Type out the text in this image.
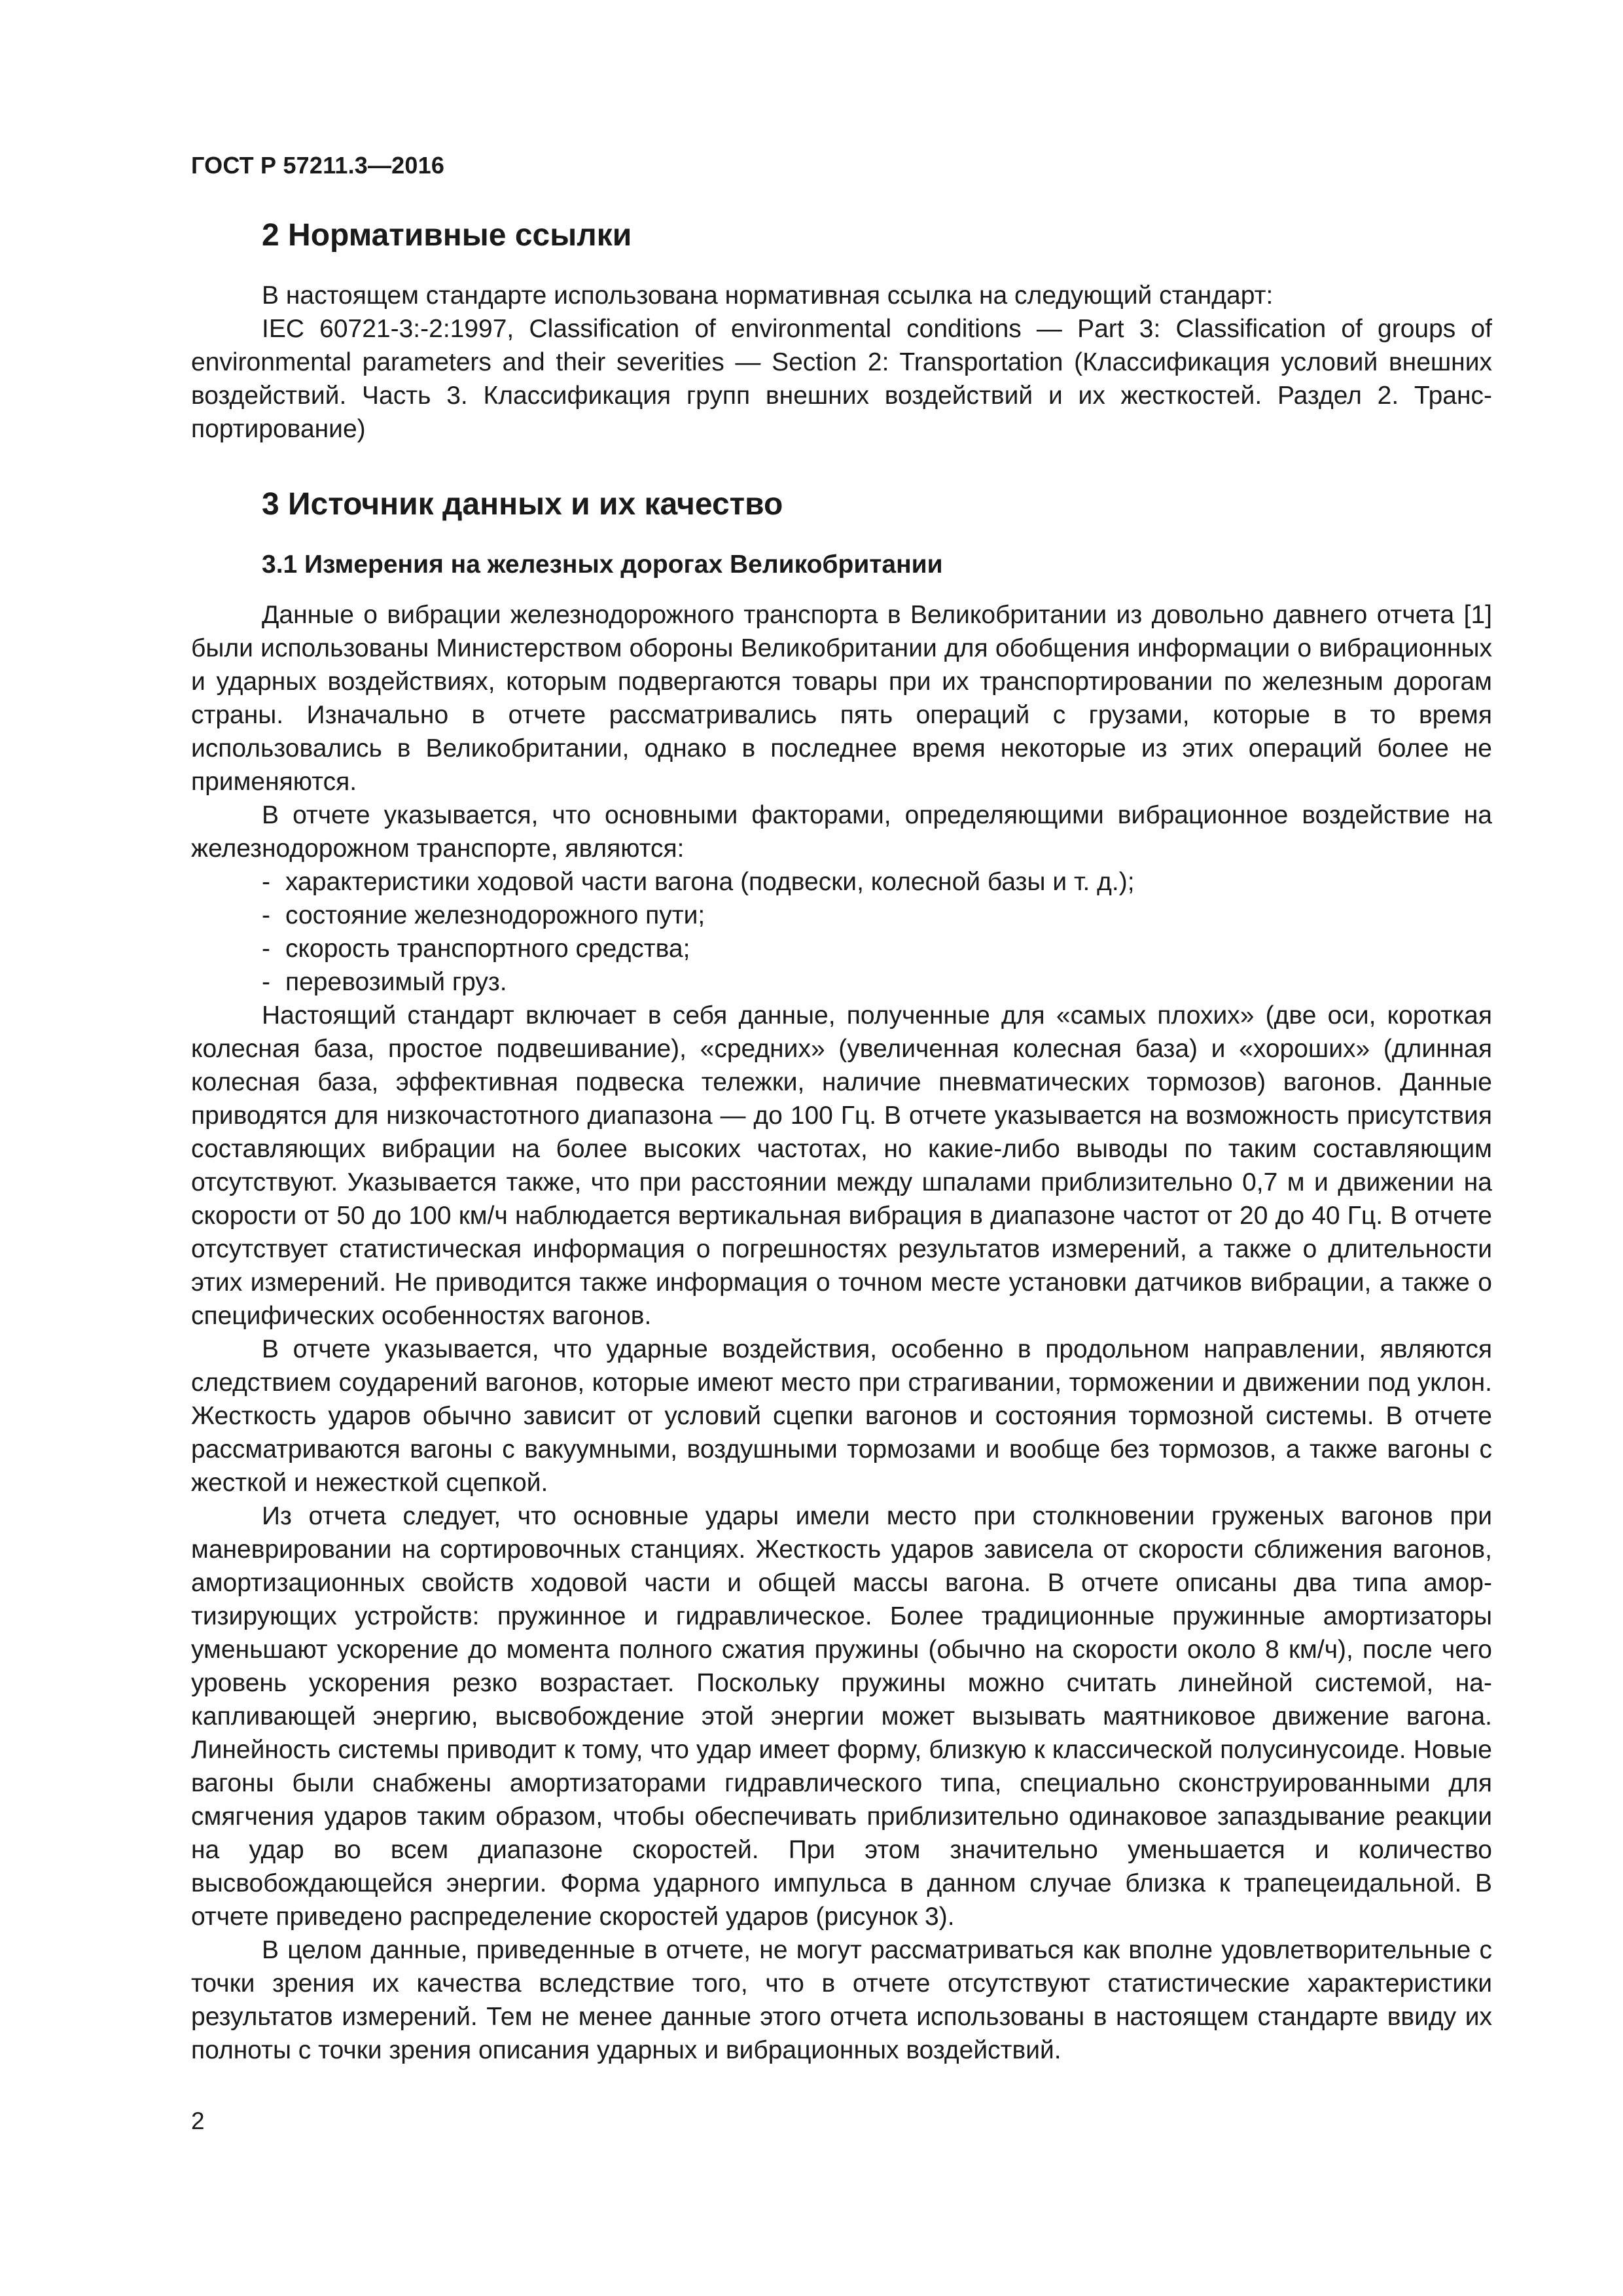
ГОСТ Р 57211.3—2016
2 Нормативные ссылки

В настоящем стандарте использована нормативная ссылка на следующий стандарт:

IEC 60721-3:-2:1997, Classification of environmental conditions — Part 3: Classification of groups of environmental parameters and their severities — Section 2: Transportation (Классификация условий внешних воздействий. Часть 3. Классификация групп внешних воздействий и их жесткостей. Раздел 2. Транспортирование)

3 Источник данных и их качество
3.1 Измерения на железных дорогах Великобритании

Данные о вибрации железнодорожного транспорта в Великобритании из довольно давнего отчета [1] были использованы Министерством обороны Великобритании для обобщения информации о вибрационных и ударных воздействиях, которым подвергаются товары при их транспортировании по железным дорогам страны. Изначально в отчете рассматривались пять операций с грузами, которые в то время использовались в Великобритании, однако в последнее время некоторые из этих операций более не применяются.

В отчете указывается, что основными факторами, определяющими вибрационное воздействие на железнодорожном транспорте, являются:

- характеристики ходовой части вагона (подвески, колесной базы и т. д.);
- состояние железнодорожного пути;
- скорость транспортного средства;
- перевозимый груз.

Настоящий стандарт включает в себя данные, полученные для «самых плохих» (две оси, короткая колесная база, простое подвешивание), «средних» (увеличенная колесная база) и «хороших» (длинная колесная база, эффективная подвеска тележки, наличие пневматических тормозов) вагонов. Данные приводятся для низкочастотного диапазона — до 100 Гц. В отчете указывается на возможность присутствия составляющих вибрации на более высоких частотах, но какие-либо выводы по таким составляющим отсутствуют. Указывается также, что при расстоянии между шпалами приблизительно 0,7 м и движении на скорости от 50 до 100 км/ч наблюдается вертикальная вибрация в диапазоне частот от 20 до 40 Гц. В отчете отсутствует статистическая информация о погрешностях результатов измерений, а также о длительности этих измерений. Не приводится также информация о точном месте установки датчиков вибрации, а также о специфических особенностях вагонов.

В отчете указывается, что ударные воздействия, особенно в продольном направлении, являются следствием соударений вагонов, которые имеют место при страгивании, торможении и движении под уклон. Жесткость ударов обычно зависит от условий сцепки вагонов и состояния тормозной системы. В отчете рассматриваются вагоны с вакуумными, воздушными тормозами и вообще без тормозов, а также вагоны с жесткой и нежесткой сцепкой.

Из отчета следует, что основные удары имели место при столкновении груженых вагонов при маневрировании на сортировочных станциях. Жесткость ударов зависела от скорости сближения вагонов, амортизационных свойств ходовой части и общей массы вагона. В отчете описаны два типа амортизирующих устройств: пружинное и гидравлическое. Более традиционные пружинные амортизаторы уменьшают ускорение до момента полного сжатия пружины (обычно на скорости около 8 км/ч), после чего уровень ускорения резко возрастает. Поскольку пружины можно считать линейной системой, накапливающей энергию, высвобождение этой энергии может вызывать маятниковое движение вагона. Линейность системы приводит к тому, что удар имеет форму, близкую к классической полусинусоиде. Новые вагоны были снабжены амортизаторами гидравлического типа, специально сконструированными для смягчения ударов таким образом, чтобы обеспечивать приблизительно одинаковое запаздывание реакции на удар во всем диапазоне скоростей. При этом значительно уменьшается и количество высвобождающейся энергии. Форма ударного импульса в данном случае близка к трапецеидальной. В отчете приведено распределение скоростей ударов (рисунок 3).

В целом данные, приведенные в отчете, не могут рассматриваться как вполне удовлетворительные с точки зрения их качества вследствие того, что в отчете отсутствуют статистические характеристики результатов измерений. Тем не менее данные этого отчета использованы в настоящем стандарте ввиду их полноты с точки зрения описания ударных и вибрационных воздействий.

2
